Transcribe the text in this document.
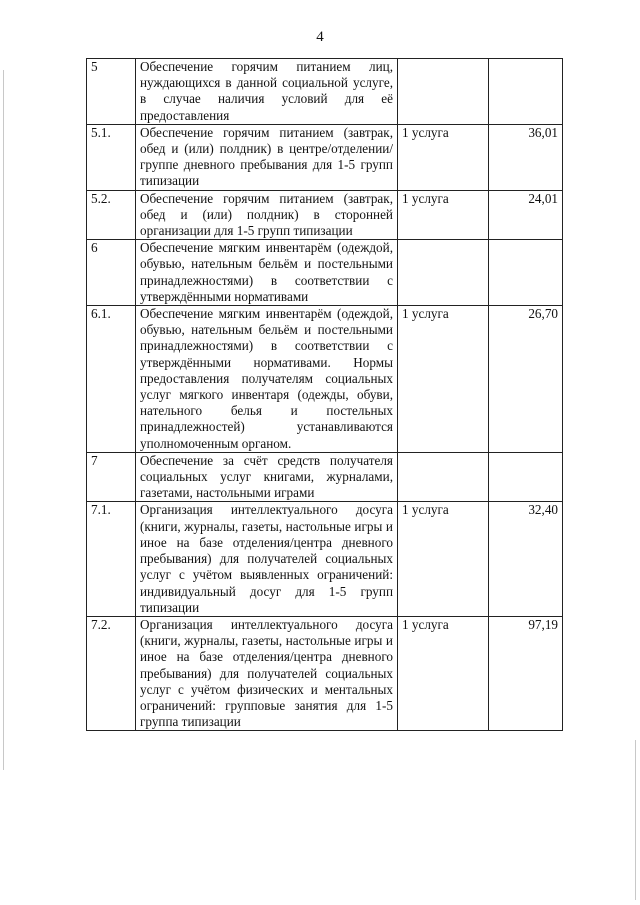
4
5	Обеспечение горячим питанием лиц, нуждающихся в данной социальной услуге, в случае наличия условий для её предоставления		
5.1.	Обеспечение горячим питанием (завтрак, обед и (или) полдник) в центре/отделении/группе дневного пребывания для 1-5 групп типизации	1 услуга	36,01
5.2.	Обеспечение горячим питанием (завтрак, обед и (или) полдник) в сторонней организации для 1-5 групп типизации	1 услуга	24,01
6	Обеспечение мягким инвентарём (одеждой, обувью, нательным бельём и постельными принадлежностями) в соответствии с утверждёнными нормативами		
6.1.	Обеспечение мягким инвентарём (одеждой, обувью, нательным бельём и постельными принадлежностями) в соответствии с утверждёнными нормативами. Нормы предоставления получателям социальных услуг мягкого инвентаря (одежды, обуви, нательного белья и постельных принадлежностей) устанавливаются уполномоченным органом.	1 услуга	26,70
7	Обеспечение за счёт средств получателя социальных услуг книгами, журналами, газетами, настольными играми		
7.1.	Организация интеллектуального досуга (книги, журналы, газеты, настольные игры и иное на базе отделения/центра дневного пребывания) для получателей социальных услуг с учётом выявленных ограничений: индивидуальный досуг для 1-5 групп типизации	1 услуга	32,40
7.2.	Организация интеллектуального досуга (книги, журналы, газеты, настольные игры и иное на базе отделения/центра дневного пребывания) для получателей социальных услуг с учётом физических и ментальных ограничений: групповые занятия для 1-5 группа типизации	1 услуга	97,19
